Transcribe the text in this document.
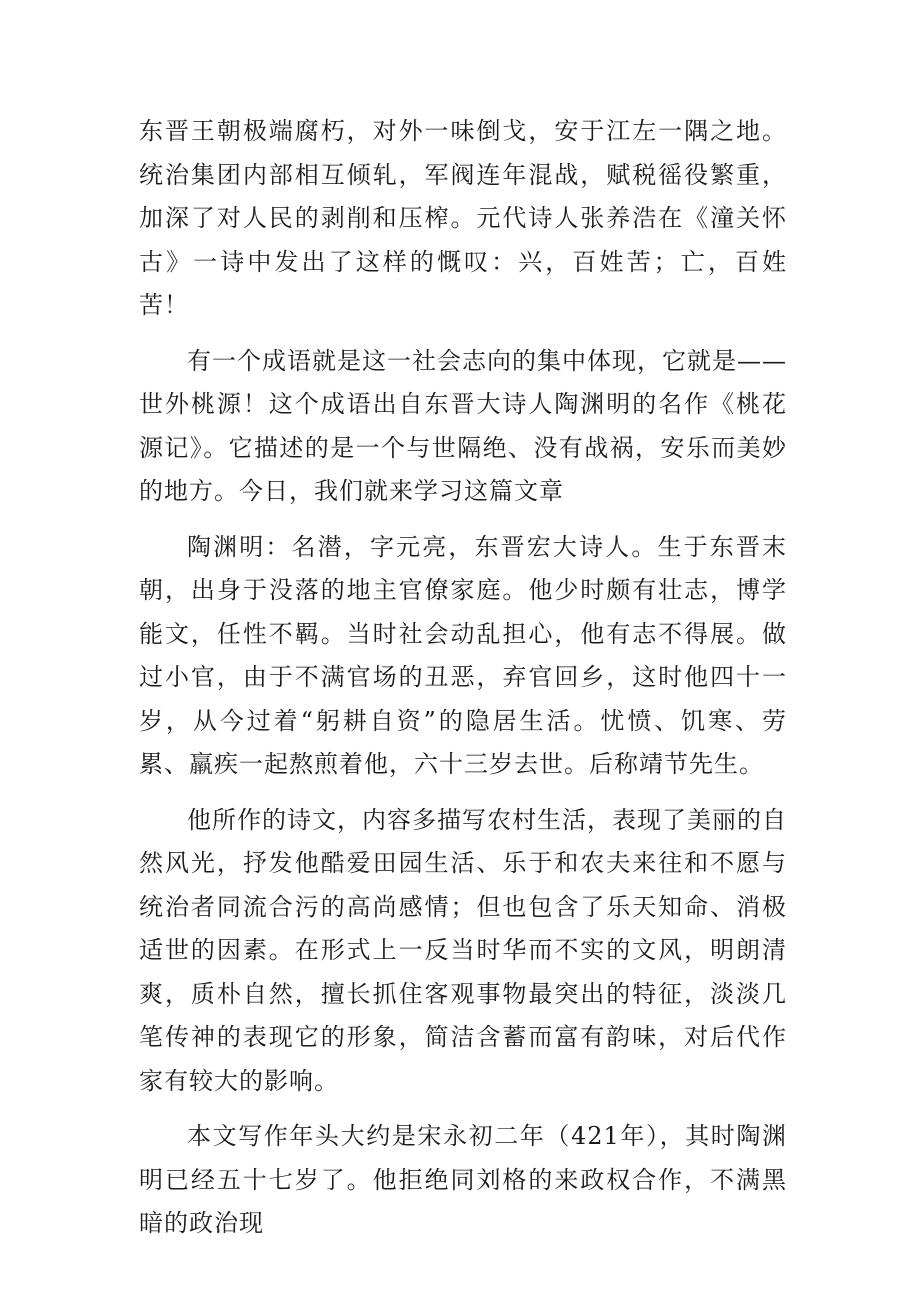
东晋王朝极端腐朽，对外一味倒戈，安于江左一隅之地。统治集团内部相互倾轧，军阀连年混战，赋税徭役繁重，加深了对人民的剥削和压榨。元代诗人张养浩在《潼关怀古》一诗中发出了这样的慨叹：兴，百姓苦；亡，百姓苦！

有一个成语就是这一社会志向的集中体现，它就是——世外桃源！这个成语出自东晋大诗人陶渊明的名作《桃花源记》。它描述的是一个与世隔绝、没有战祸，安乐而美妙的地方。今日，我们就来学习这篇文章

陶渊明：名潜，字元亮，东晋宏大诗人。生于东晋末朝，出身于没落的地主官僚家庭。他少时颇有壮志，博学能文，任性不羁。当时社会动乱担心，他有志不得展。做过小官，由于不满官场的丑恶，弃官回乡，这时他四十一岁，从今过着“躬耕自资”的隐居生活。忧愤、饥寒、劳累、羸疾一起熬煎着他，六十三岁去世。后称靖节先生。

他所作的诗文，内容多描写农村生活，表现了美丽的自然风光，抒发他酷爱田园生活、乐于和农夫来往和不愿与统治者同流合污的高尚感情；但也包含了乐天知命、消极适世的因素。在形式上一反当时华而不实的文风，明朗清爽，质朴自然，擅长抓住客观事物最突出的特征，淡淡几笔传神的表现它的形象，简洁含蓄而富有韵味，对后代作家有较大的影响。

本文写作年头大约是宋永初二年（421年），其时陶渊明已经五十七岁了。他拒绝同刘格的来政权合作，不满黑暗的政治现
